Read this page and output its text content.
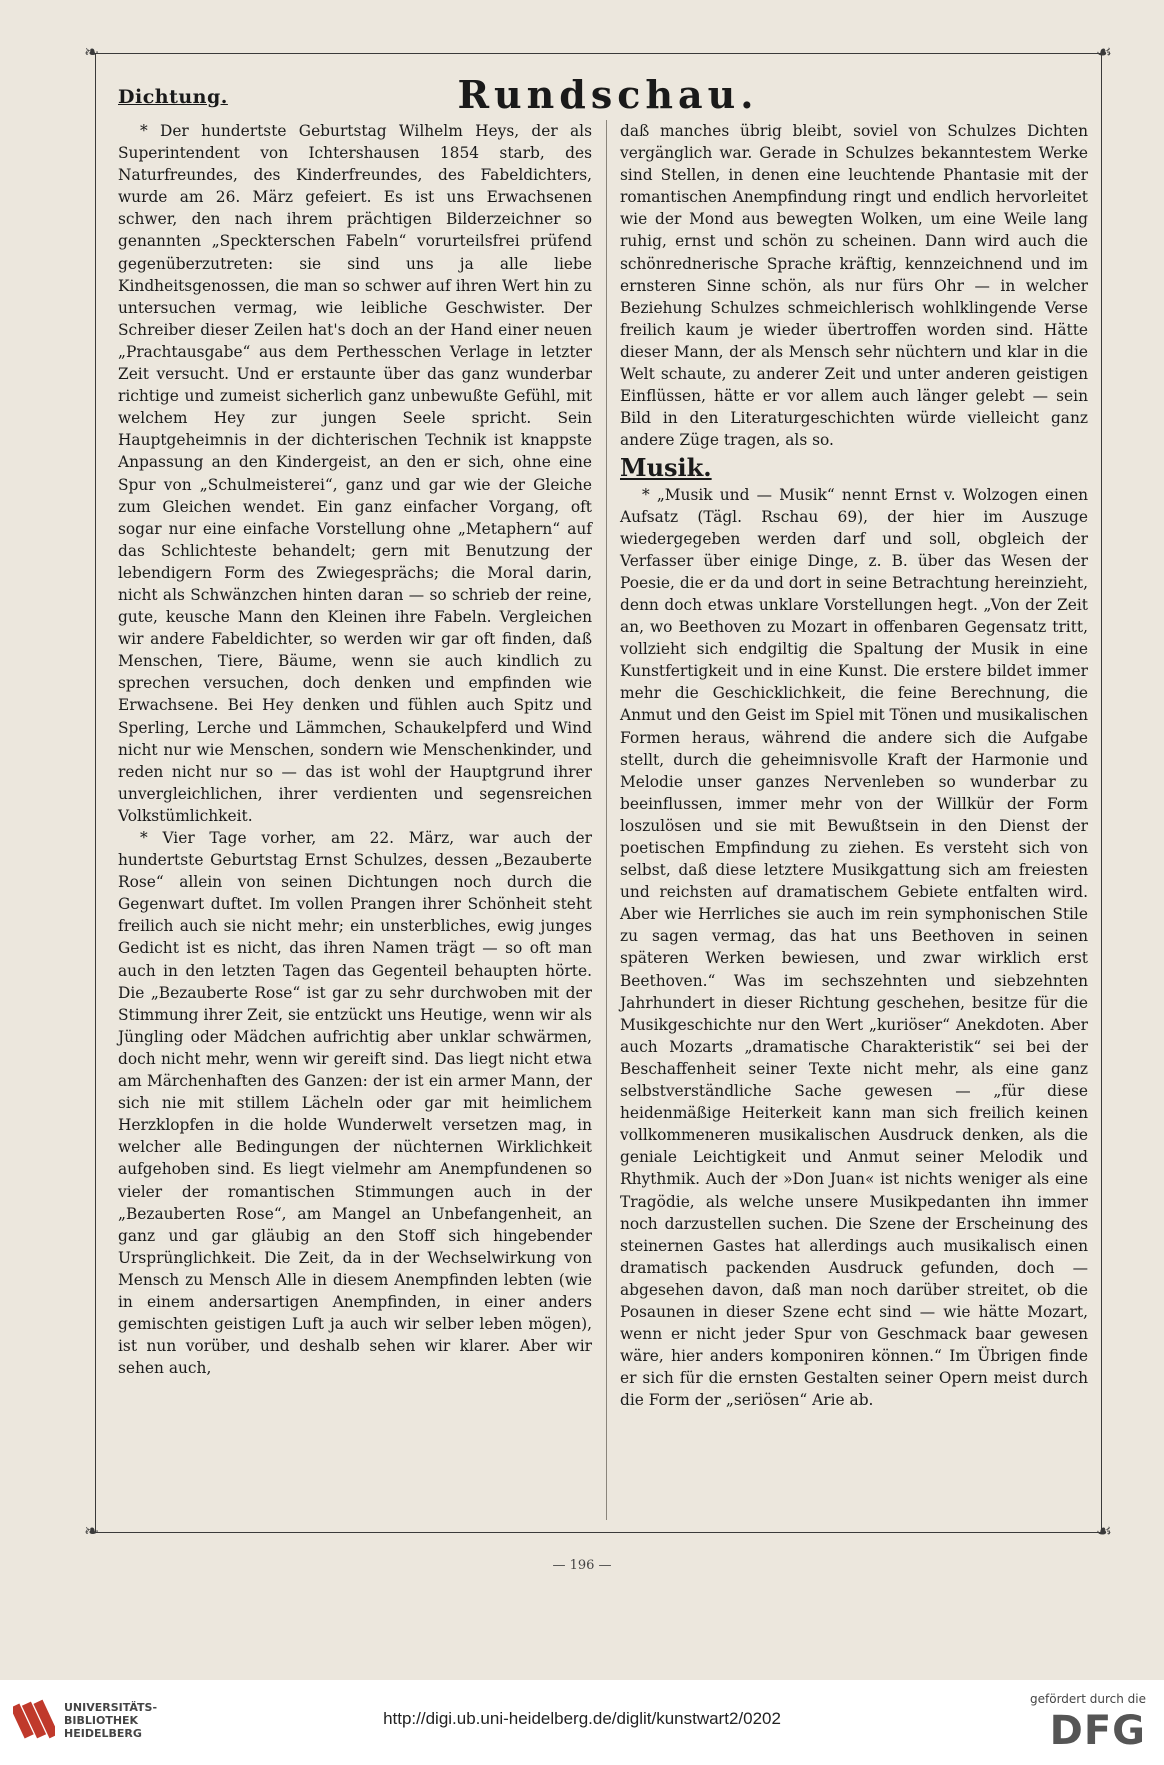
❧	☙
❧	☙
Dichtung.	Rundschau.

* Der hundertste Geburtstag Wilhelm Heys, der als Superintendent von Ichtershausen 1854 starb, des Naturfreundes, des Kinderfreundes, des Fabeldichters, wurde am 26. März gefeiert. Es ist uns Erwachsenen schwer, den nach ihrem prächtigen Bilderzeichner so genannten „Speckterschen Fabeln“ vorurteilsfrei prüfend gegenüberzutreten: sie sind uns ja alle liebe Kindheitsgenossen, die man so schwer auf ihren Wert hin zu untersuchen vermag, wie leibliche Geschwister. Der Schreiber dieser Zeilen hat's doch an der Hand einer neuen „Prachtausgabe“ aus dem Perthesschen Verlage in letzter Zeit versucht. Und er erstaunte über das ganz wunderbar richtige und zumeist sicherlich ganz unbewußte Gefühl, mit welchem Hey zur jungen Seele spricht. Sein Hauptgeheimnis in der dichterischen Technik ist knappste Anpassung an den Kindergeist, an den er sich, ohne eine Spur von „Schulmeisterei“, ganz und gar wie der Gleiche zum Gleichen wendet. Ein ganz einfacher Vorgang, oft sogar nur eine einfache Vorstellung ohne „Metaphern“ auf das Schlichteste behandelt; gern mit Benutzung der lebendigern Form des Zwiegesprächs; die Moral darin, nicht als Schwänzchen hinten daran — so schrieb der reine, gute, keusche Mann den Kleinen ihre Fabeln. Vergleichen wir andere Fabeldichter, so werden wir gar oft finden, daß Menschen, Tiere, Bäume, wenn sie auch kindlich zu sprechen versuchen, doch denken und empfinden wie Erwachsene. Bei Hey denken und fühlen auch Spitz und Sperling, Lerche und Lämmchen, Schaukelpferd und Wind nicht nur wie Menschen, sondern wie Menschenkinder, und reden nicht nur so — das ist wohl der Hauptgrund ihrer unvergleichlichen, ihrer verdienten und segensreichen Volkstümlichkeit.

* Vier Tage vorher, am 22. März, war auch der hundertste Geburtstag Ernst Schulzes, dessen „Bezauberte Rose“ allein von seinen Dichtungen noch durch die Gegenwart duftet. Im vollen Prangen ihrer Schönheit steht freilich auch sie nicht mehr; ein unsterbliches, ewig junges Gedicht ist es nicht, das ihren Namen trägt — so oft man auch in den letzten Tagen das Gegenteil behaupten hörte. Die „Bezauberte Rose“ ist gar zu sehr durchwoben mit der Stimmung ihrer Zeit, sie entzückt uns Heutige, wenn wir als Jüngling oder Mädchen aufrichtig aber unklar schwärmen, doch nicht mehr, wenn wir gereift sind. Das liegt nicht etwa am Märchenhaften des Ganzen: der ist ein armer Mann, der sich nie mit stillem Lächeln oder gar mit heimlichem Herzklopfen in die holde Wunderwelt versetzen mag, in welcher alle Bedingungen der nüchternen Wirklichkeit aufgehoben sind. Es liegt vielmehr am Anempfundenen so vieler der romantischen Stimmungen auch in der „Bezauberten Rose“, am Mangel an Unbefangenheit, an ganz und gar gläubig an den Stoff sich hingebender Ursprünglichkeit. Die Zeit, da in der Wechselwirkung von Mensch zu Mensch Alle in diesem Anempfinden lebten (wie in einem andersartigen Anempfinden, in einer anders gemischten geistigen Luft ja auch wir selber leben mögen), ist nun vorüber, und deshalb sehen wir klarer. Aber wir sehen auch,

daß manches übrig bleibt, soviel von Schulzes Dichten vergänglich war. Gerade in Schulzes bekanntestem Werke sind Stellen, in denen eine leuchtende Phantasie mit der romantischen Anempfindung ringt und endlich hervorleitet wie der Mond aus bewegten Wolken, um eine Weile lang ruhig, ernst und schön zu scheinen. Dann wird auch die schönrednerische Sprache kräftig, kennzeichnend und im ernsteren Sinne schön, als nur fürs Ohr — in welcher Beziehung Schulzes schmeichlerisch wohlklingende Verse freilich kaum je wieder übertroffen worden sind. Hätte dieser Mann, der als Mensch sehr nüchtern und klar in die Welt schaute, zu anderer Zeit und unter anderen geistigen Einflüssen, hätte er vor allem auch länger gelebt — sein Bild in den Literaturgeschichten würde vielleicht ganz andere Züge tragen, als so.

Musik.

* „Musik und — Musik“ nennt Ernst v. Wolzogen einen Aufsatz (Tägl. Rschau 69), der hier im Auszuge wiedergegeben werden darf und soll, obgleich der Verfasser über einige Dinge, z. B. über das Wesen der Poesie, die er da und dort in seine Betrachtung hereinzieht, denn doch etwas unklare Vorstellungen hegt. „Von der Zeit an, wo Beethoven zu Mozart in offenbaren Gegensatz tritt, vollzieht sich endgiltig die Spaltung der Musik in eine Kunstfertigkeit und in eine Kunst. Die erstere bildet immer mehr die Geschicklichkeit, die feine Berechnung, die Anmut und den Geist im Spiel mit Tönen und musikalischen Formen heraus, während die andere sich die Aufgabe stellt, durch die geheimnisvolle Kraft der Harmonie und Melodie unser ganzes Nervenleben so wunderbar zu beeinflussen, immer mehr von der Willkür der Form loszulösen und sie mit Bewußtsein in den Dienst der poetischen Empfindung zu ziehen. Es versteht sich von selbst, daß diese letztere Musikgattung sich am freiesten und reichsten auf dramatischem Gebiete entfalten wird. Aber wie Herrliches sie auch im rein symphonischen Stile zu sagen vermag, das hat uns Beethoven in seinen späteren Werken bewiesen, und zwar wirklich erst Beethoven.“ Was im sechszehnten und siebzehnten Jahrhundert in dieser Richtung geschehen, besitze für die Musikgeschichte nur den Wert „kuriöser“ Anekdoten. Aber auch Mozarts „dramatische Charakteristik“ sei bei der Beschaffenheit seiner Texte nicht mehr, als eine ganz selbstverständliche Sache gewesen — „für diese heidenmäßige Heiterkeit kann man sich freilich keinen vollkommeneren musikalischen Ausdruck denken, als die geniale Leichtigkeit und Anmut seiner Melodik und Rhythmik. Auch der »Don Juan« ist nichts weniger als eine Tragödie, als welche unsere Musikpedanten ihn immer noch darzustellen suchen. Die Szene der Erscheinung des steinernen Gastes hat allerdings auch musikalisch einen dramatisch packenden Ausdruck gefunden, doch — abgesehen davon, daß man noch darüber streitet, ob die Posaunen in dieser Szene echt sind — wie hätte Mozart, wenn er nicht jeder Spur von Geschmack baar gewesen wäre, hier anders komponiren können.“ Im Übrigen finde er sich für die ernsten Gestalten seiner Opern meist durch die Form der „seriösen“ Arie ab.

— 196 —
UNIVERSITÄTS-
BIBLIOTHEK
HEIDELBERG
http://digi.ub.uni-heidelberg.de/diglit/kunstwart2/0202
gefördert durch die
DFG
